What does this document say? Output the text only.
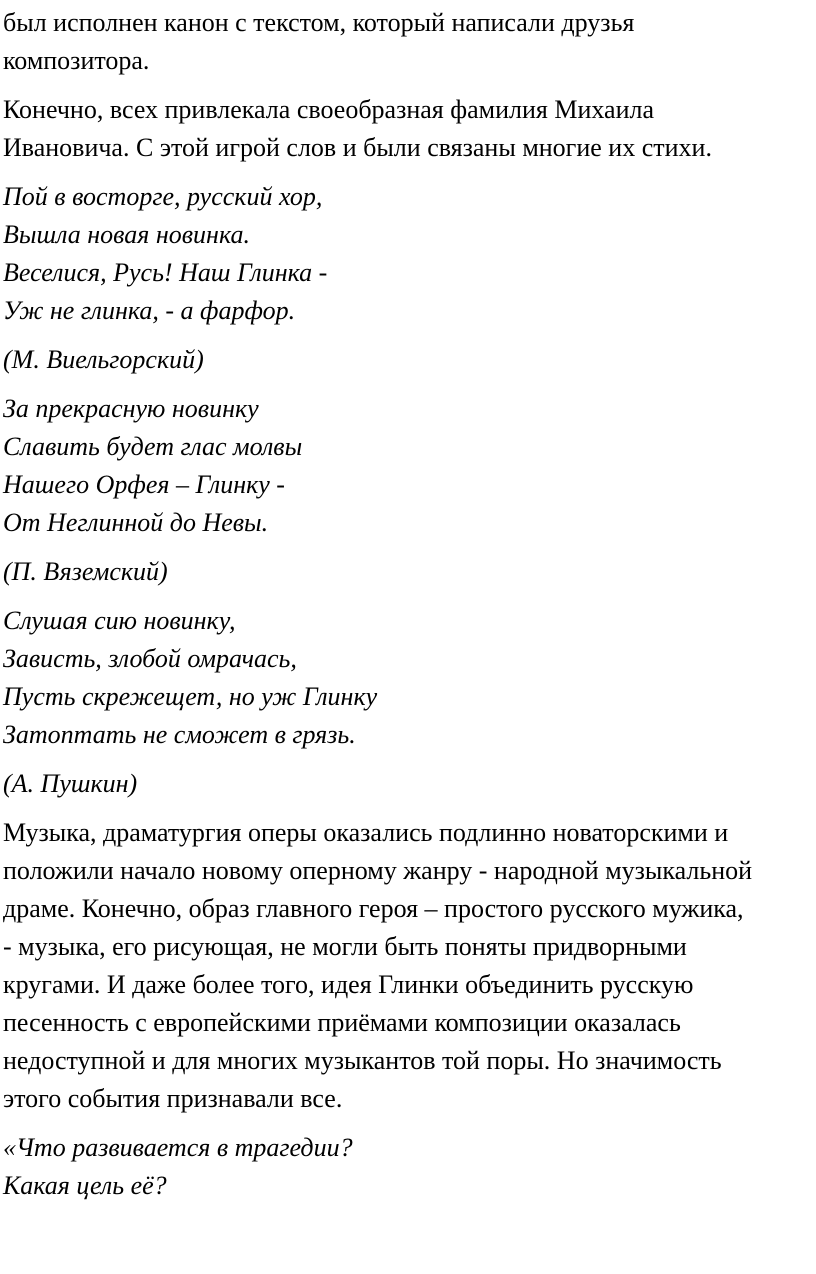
был исполнен канон с текстом, который написали друзья
композитора.

Конечно, всех привлекала своеобразная фамилия Михаила
Ивановича. С этой игрой слов и были связаны многие их стихи.

Пой в восторге, русский хор,
Вышла новая новинка.
Веселися, Русь! Наш Глинка -
Уж не глинка, - а фарфор.

(М. Виельгорский)

За прекрасную новинку
Славить будет глас молвы
Нашего Орфея – Глинку -
От Неглинной до Невы.

(П. Вяземский)

Слушая сию новинку,
Зависть, злобой омрачась,
Пусть скрежещет, но уж Глинку
Затоптать не сможет в грязь.

(А. Пушкин)

Музыка, драматургия оперы оказались подлинно новаторскими и
положили начало новому оперному жанру - народной музыкальной
драме. Конечно, образ главного героя – простого русского мужика,
- музыка, его рисующая, не могли быть поняты придворными
кругами. И даже более того, идея Глинки объединить русскую
песенность с европейскими приёмами композиции оказалась
недоступной и для многих музыкантов той поры. Но значимость
этого события признавали все.

«Что развивается в трагедии?
Какая цель её?
